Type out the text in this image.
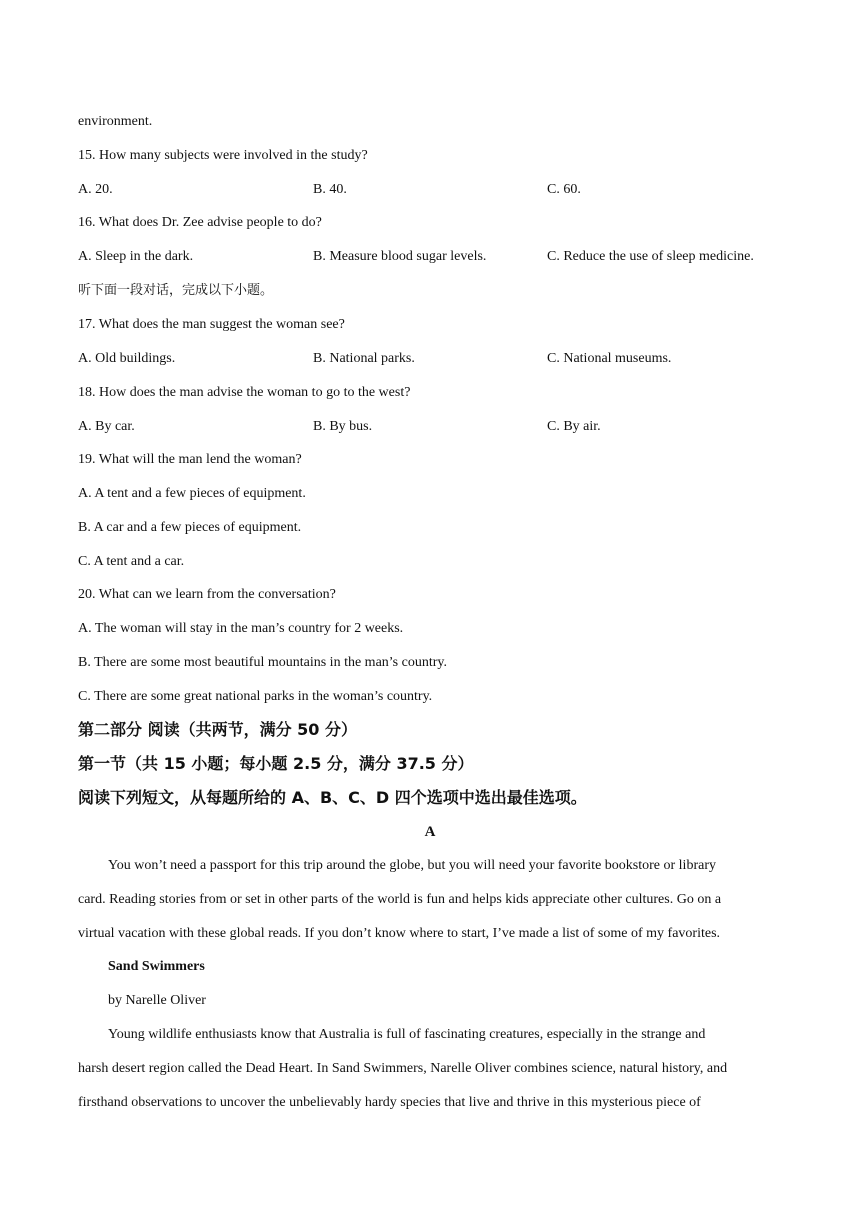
environment.
15. How many subjects were involved in the study?
A. 20.	B. 40.	C. 60.
16. What does Dr. Zee advise people to do?
A. Sleep in the dark.	B. Measure blood sugar levels.	C. Reduce the use of sleep medicine.
听下面一段对话，完成以下小题。
17. What does the man suggest the woman see?
A. Old buildings.	B. National parks.	C. National museums.
18. How does the man advise the woman to go to the west?
A. By car.	B. By bus.	C. By air.
19. What will the man lend the woman?
A. A tent and a few pieces of equipment.
B. A car and a few pieces of equipment.
C. A tent and a car.
20. What can we learn from the conversation?
A. The woman will stay in the man’s country for 2 weeks.
B. There are some most beautiful mountains in the man’s country.
C. There are some great national parks in the woman’s country.
第二部分 阅读（共两节，满分 50 分）
第一节（共 15 小题；每小题 2.5 分，满分 37.5 分）
阅读下列短文，从每题所给的 A、B、C、D 四个选项中选出最佳选项。
A
You won’t need a passport for this trip around the globe, but you will need your favorite bookstore or library
card. Reading stories from or set in other parts of the world is fun and helps kids appreciate other cultures. Go on a
virtual vacation with these global reads. If you don’t know where to start, I’ve made a list of some of my favorites.
Sand Swimmers
by Narelle Oliver
Young wildlife enthusiasts know that Australia is full of fascinating creatures, especially in the strange and
harsh desert region called the Dead Heart. In Sand Swimmers, Narelle Oliver combines science, natural history, and
firsthand observations to uncover the unbelievably hardy species that live and thrive in this mysterious piece of
